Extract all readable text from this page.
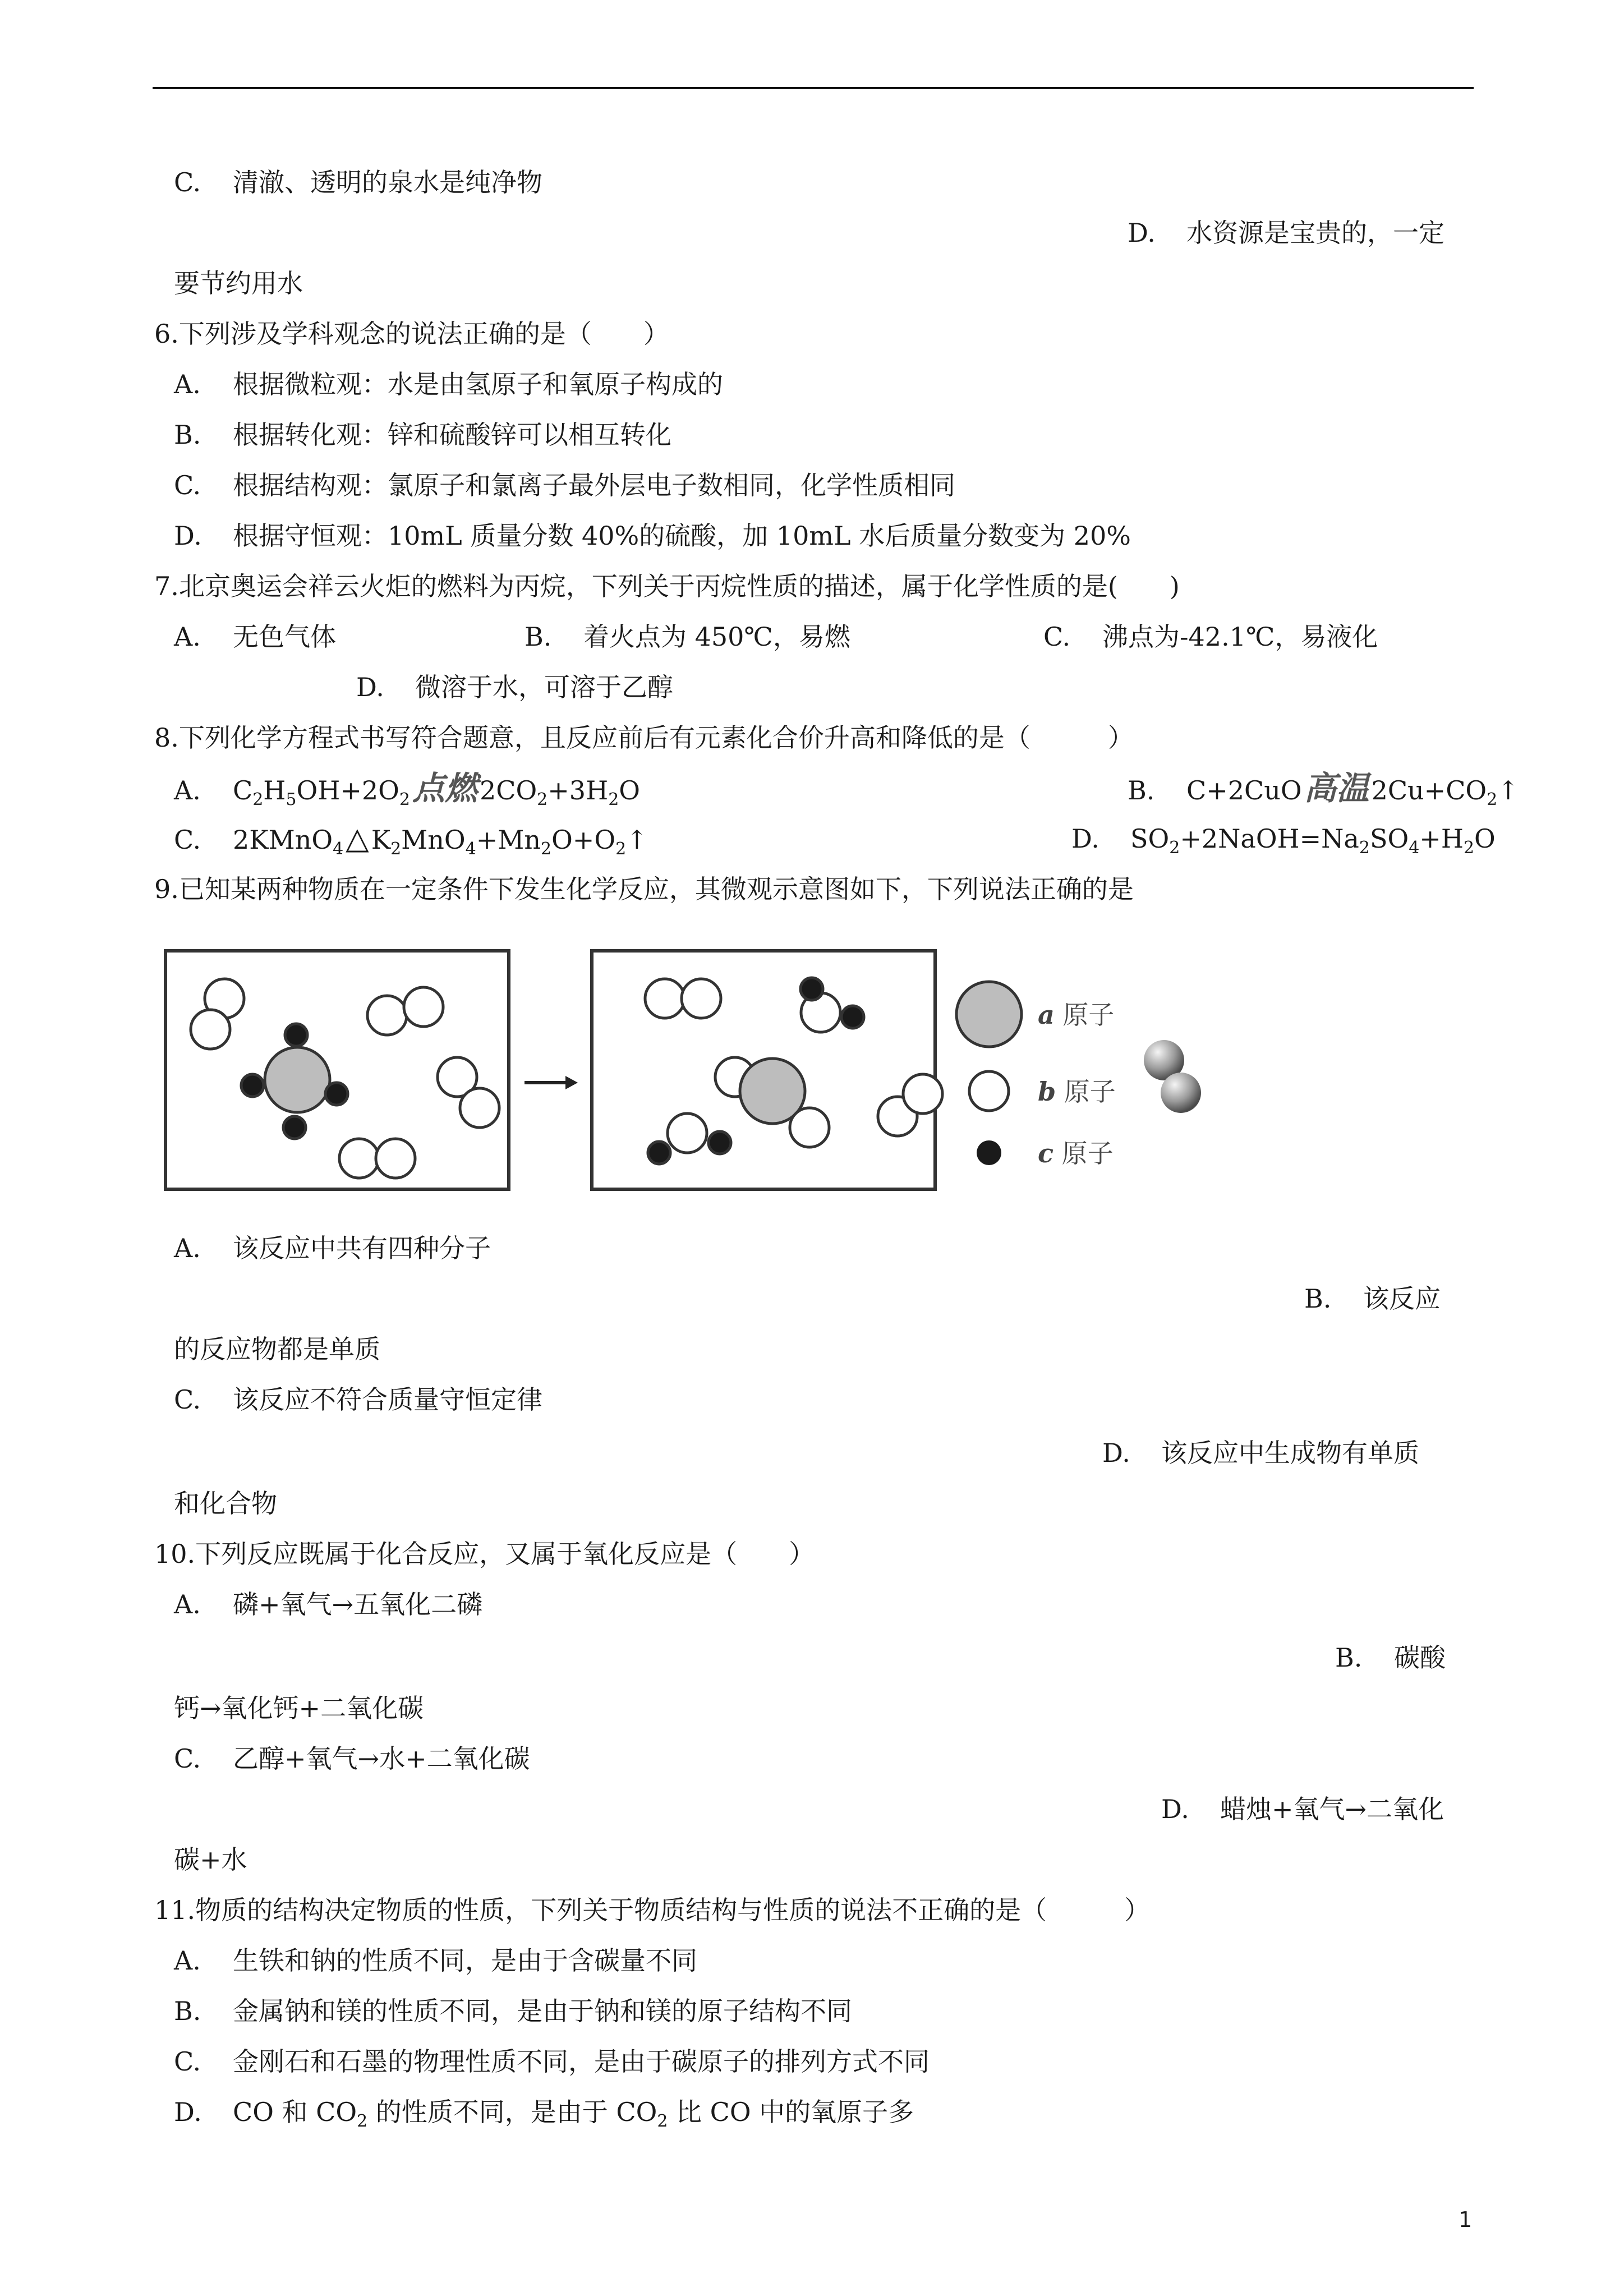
C. 清澈、透明的泉水是纯净物
D. 水资源是宝贵的，一定
要节约用水
6.下列涉及学科观念的说法正确的是（　　）
A. 根据微粒观：水是由氢原子和氧原子构成的
B. 根据转化观：锌和硫酸锌可以相互转化
C. 根据结构观：氯原子和氯离子最外层电子数相同，化学性质相同
D. 根据守恒观：10mL 质量分数 40%的硫酸，加 10mL 水后质量分数变为 20%
7.北京奥运会祥云火炬的燃料为丙烷，下列关于丙烷性质的描述，属于化学性质的是(　　)
A. 无色气体	B. 着火点为 450℃，易燃	C. 沸点为-42.1℃，易液化
D. 微溶于水，可溶于乙醇
8.下列化学方程式书写符合题意，且反应前后有元素化合价升高和降低的是（　　　）
A. $C_2H_5OH+2O_2$点燃$2CO_2+3H_2O$	B. C+2CuO高温$2Cu+CO_2↑$
C. $2KMnO_4\triangle K_2MnO_4+Mn_2O+O_2↑$	D. $SO_2+2NaOH=Na_2SO_4+H_2O$
9.已知某两种物质在一定条件下发生化学反应，其微观示意图如下，下列说法正确的是
a 原子
b 原子
c 原子
A. 该反应中共有四种分子
B. 该反应
的反应物都是单质
C. 该反应不符合质量守恒定律
D. 该反应中生成物有单质
和化合物
10.下列反应既属于化合反应，又属于氧化反应是（　　）
A. 磷+氧气→五氧化二磷
B. 碳酸
钙→氧化钙+二氧化碳
C. 乙醇+氧气→水+二氧化碳
D. 蜡烛+氧气→二氧化
碳+水
11.物质的结构决定物质的性质，下列关于物质结构与性质的说法不正确的是（　　　）
A. 生铁和钠的性质不同，是由于含碳量不同
B. 金属钠和镁的性质不同，是由于钠和镁的原子结构不同
C. 金刚石和石墨的物理性质不同，是由于碳原子的排列方式不同
D. CO 和 $CO_2$ 的性质不同，是由于 $CO_2$ 比 CO 中的氧原子多
1
